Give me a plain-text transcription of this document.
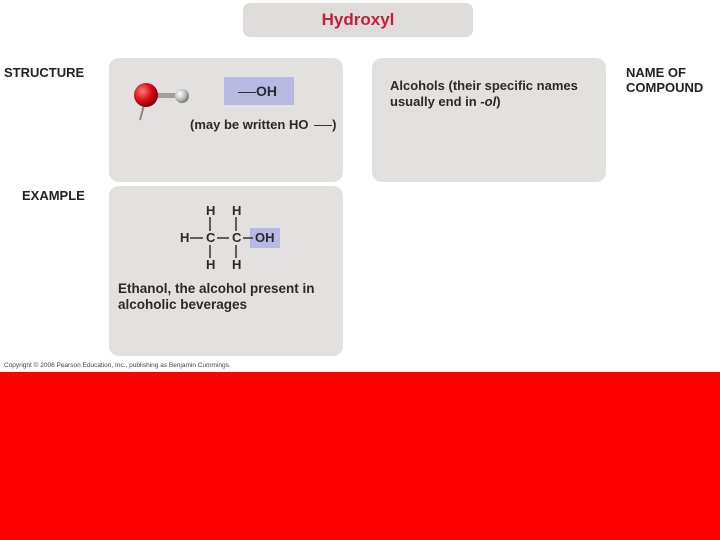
Hydroxyl
STRUCTURE
EXAMPLE
NAME OF
COMPOUND
OH
(may be written HO )
Alcohols (their specific names
usually end in -ol)
H H
H C C OH
H H
Ethanol, the alcohol present in
alcoholic beverages
Copyright © 2006 Pearson Education, Inc., publishing as Benjamin Cummings.
